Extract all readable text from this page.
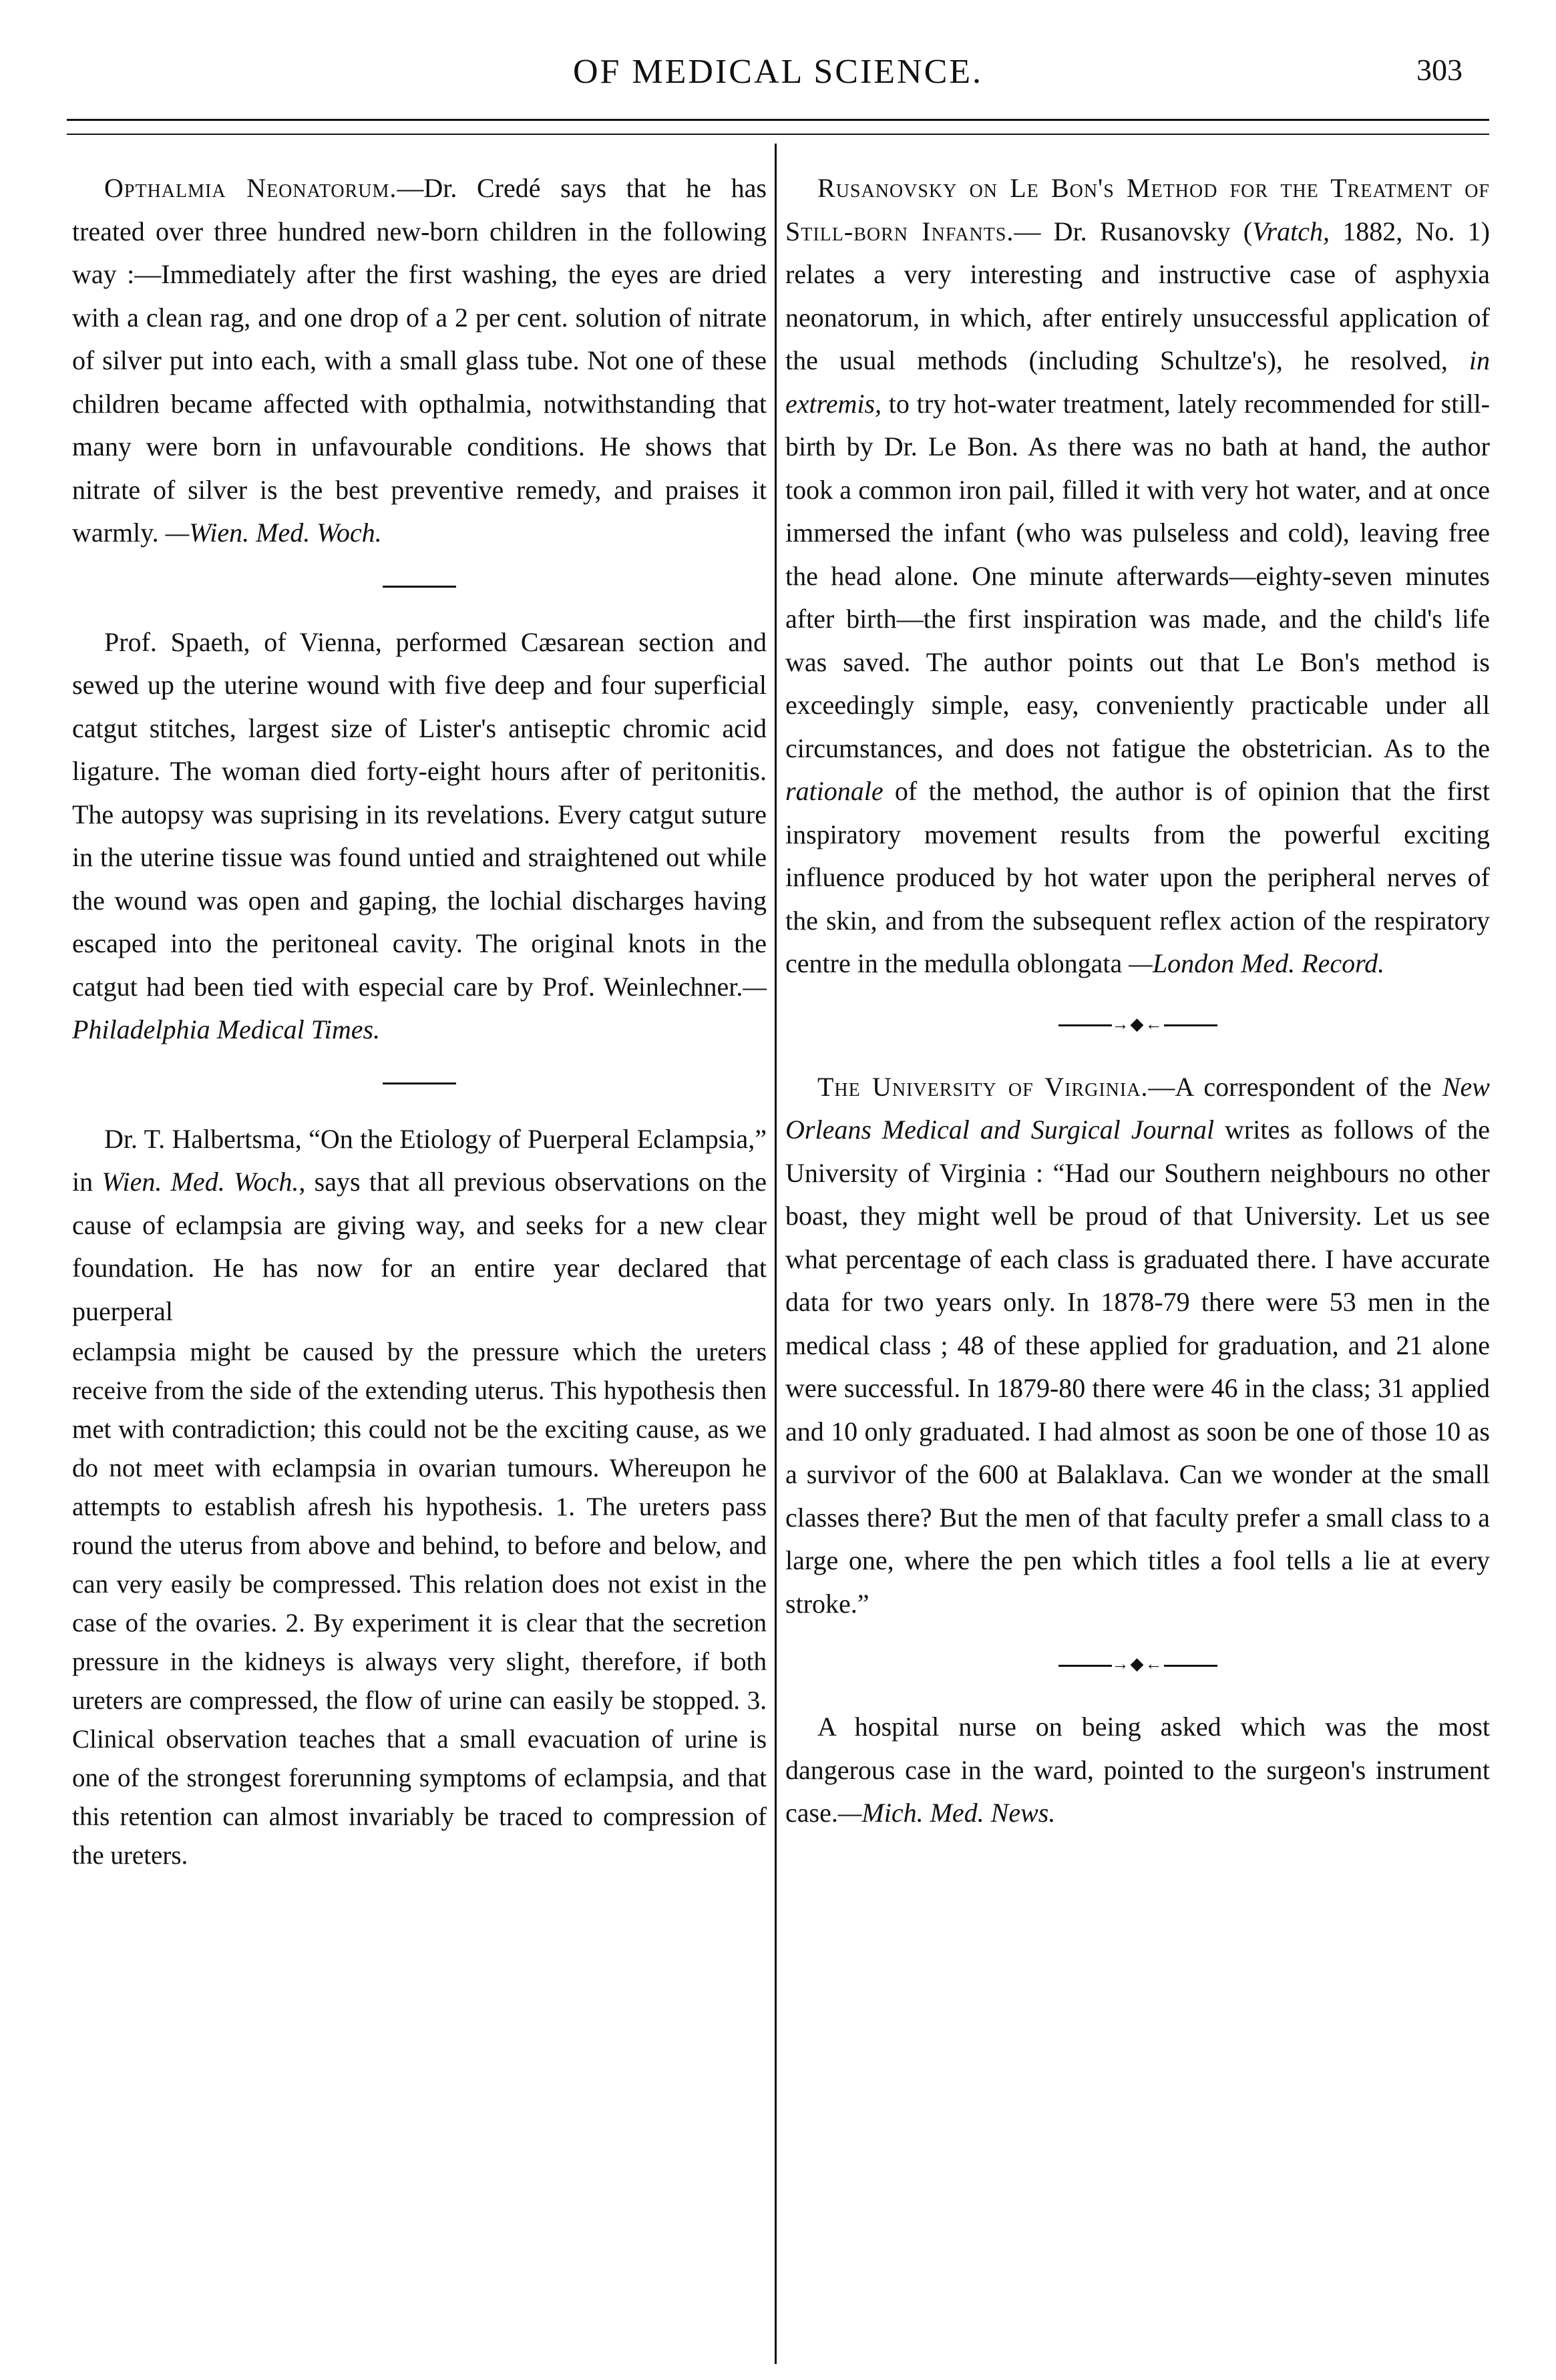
OF MEDICAL SCIENCE.	303

Opthalmia Neonatorum.—Dr. Credé says that he has treated over three hundred new-born children in the following way :—Immediately after the first washing, the eyes are dried with a clean rag, and one drop of a 2 per cent. solution of nitrate of silver put into each, with a small glass tube. Not one of these children became affected with opthalmia, notwithstanding that many were born in unfavourable conditions. He shows that nitrate of silver is the best preventive remedy, and praises it warmly. —Wien. Med. Woch.

Prof. Spaeth, of Vienna, performed Cæsarean section and sewed up the uterine wound with five deep and four superficial catgut stitches, largest size of Lister's antiseptic chromic acid ligature. The woman died forty-eight hours after of peritonitis. The autopsy was suprising in its revelations. Every catgut suture in the uterine tissue was found untied and straightened out while the wound was open and gaping, the lochial discharges having escaped into the peritoneal cavity. The original knots in the catgut had been tied with especial care by Prof. Weinlechner.—Philadelphia Medical Times.

Dr. T. Halbertsma, “On the Etiology of Puerperal Eclampsia,” in Wien. Med. Woch., says that all previous observations on the cause of eclampsia are giving way, and seeks for a new clear foundation. He has now for an entire year declared that puerperal

eclampsia might be caused by the pressure which the ureters receive from the side of the extending uterus. This hypothesis then met with contradiction; this could not be the exciting cause, as we do not meet with eclampsia in ovarian tumours. Whereupon he attempts to establish afresh his hypothesis. 1. The ureters pass round the uterus from above and behind, to before and below, and can very easily be compressed. This relation does not exist in the case of the ovaries. 2. By experiment it is clear that the secretion pressure in the kidneys is always very slight, therefore, if both ureters are compressed, the flow of urine can easily be stopped. 3. Clinical observation teaches that a small evacuation of urine is one of the strongest forerunning symptoms of eclampsia, and that this retention can almost invariably be traced to compression of the ureters.

Rusanovsky on Le Bon's Method for the Treatment of Still-born Infants.— Dr. Rusanovsky (Vratch, 1882, No. 1) relates a very interesting and instructive case of asphyxia neonatorum, in which, after entirely unsuccessful application of the usual methods (including Schultze's), he resolved, in extremis, to try hot-water treatment, lately recommended for still-birth by Dr. Le Bon. As there was no bath at hand, the author took a common iron pail, filled it with very hot water, and at once immersed the infant (who was pulseless and cold), leaving free the head alone. One minute afterwards—eighty-seven minutes after birth—the first inspiration was made, and the child's life was saved. The author points out that Le Bon's method is exceedingly simple, easy, conveniently practicable under all circumstances, and does not fatigue the obstetrician. As to the rationale of the method, the author is of opinion that the first inspiratory movement results from the powerful exciting influence produced by hot water upon the peripheral nerves of the skin, and from the subsequent reflex action of the respiratory centre in the medulla oblongata —London Med. Record.

→◆←

The University of Virginia.—A correspondent of the New Orleans Medical and Surgical Journal writes as follows of the University of Virginia : “Had our Southern neighbours no other boast, they might well be proud of that University. Let us see what percentage of each class is graduated there. I have accurate data for two years only. In 1878-79 there were 53 men in the medical class ; 48 of these applied for graduation, and 21 alone were successful. In 1879-80 there were 46 in the class; 31 applied and 10 only graduated. I had almost as soon be one of those 10 as a survivor of the 600 at Balaklava. Can we wonder at the small classes there? But the men of that faculty prefer a small class to a large one, where the pen which titles a fool tells a lie at every stroke.”

→◆←

A hospital nurse on being asked which was the most dangerous case in the ward, pointed to the surgeon's instrument case.—Mich. Med. News.
